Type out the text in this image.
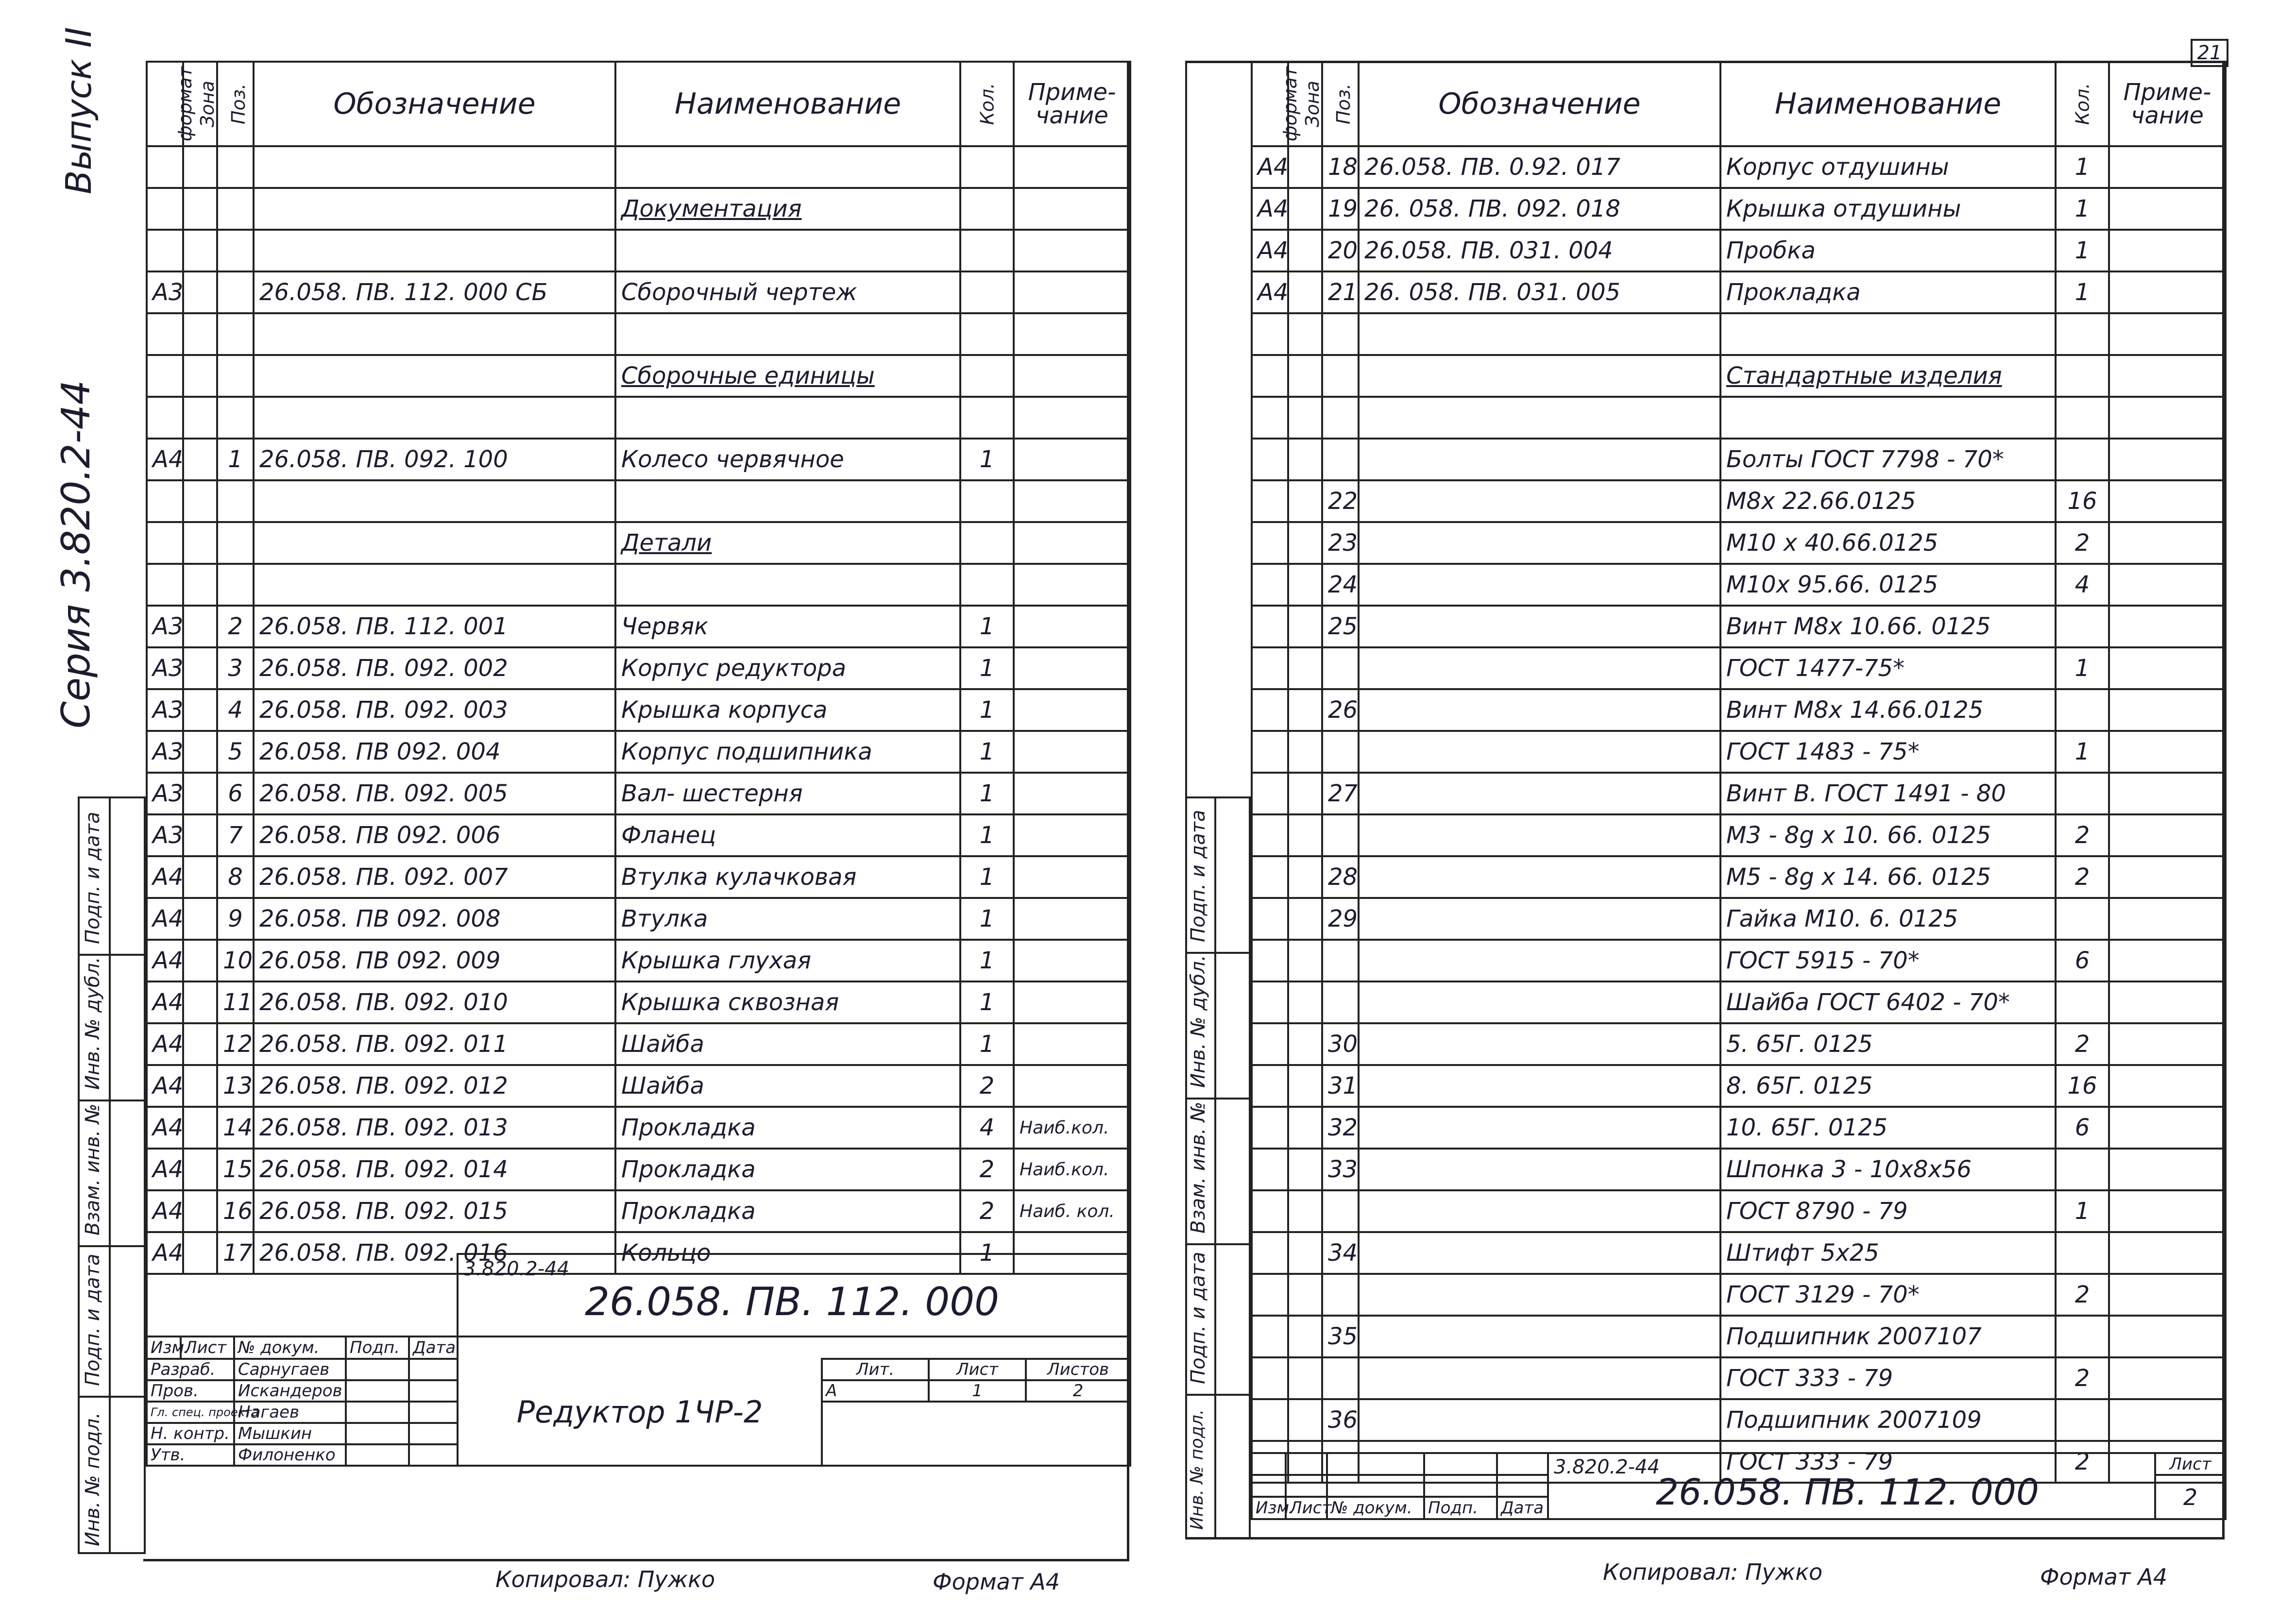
Выпуск II
Серия 3.820.2-44
Подп. и дата
Инв. № дубл.
Взам. инв. №
Подп. и дата
Инв. № подл.
формат	Зона	Поз.	Обозначение	Наименование	Кол.	Приме-
чание

				Документация		

А3			26.058. ПВ. 112. 000 СБ	Сборочный чертеж		

				Сборочные единицы		

А4		1	26.058. ПВ. 092. 100	Колесо червячное	1	

				Детали		

А3		2	26.058. ПВ. 112. 001	Червяк	1	
А3		3	26.058. ПВ. 092. 002	Корпус редуктора	1	
А3		4	26.058. ПВ. 092. 003	Крышка корпуса	1	
А3		5	26.058. ПВ 092. 004	Корпус подшипника	1	
А3		6	26.058. ПВ. 092. 005	Вал- шестерня	1	
А3		7	26.058. ПВ 092. 006	Фланец	1	
А4		8	26.058. ПВ. 092. 007	Втулка кулачковая	1	
А4		9	26.058. ПВ 092. 008	Втулка	1	
А4		10	26.058. ПВ 092. 009	Крышка глухая	1	
А4		11	26.058. ПВ. 092. 010	Крышка сквозная	1	
А4		12	26.058. ПВ. 092. 011	Шайба	1	
А4		13	26.058. ПВ. 092. 012	Шайба	2	
А4		14	26.058. ПВ. 092. 013	Прокладка	4	Наиб.кол.
А4		15	26.058. ПВ. 092. 014	Прокладка	2	Наиб.кол.
А4		16	26.058. ПВ. 092. 015	Прокладка	2	Наиб. кол.
А4		17	26.058. ПВ. 092. 016	Кольцо	1	

					3.820.2-44
26.058. ПВ. 112. 000			

Изм.	Лист	№ докум.	Подп.	Дата				
Разраб.		Сарнугаев			Редуктор 1ЧР-2	Лит.	Лист	Листов
Пров.		Искандеров				А	1	2
Гл. спец. проекта		Нагаев						
Н. контр.		Мышкин						
Утв.		Филоненко						
Копировал: Пужко	Формат А4
21
Подп. и дата
Инв. № дубл.
Взам. инв. №
Подп. и дата
Инв. № подл.
формат	Зона	Поз.	Обозначение	Наименование	Кол.	Приме-
чание
А4		18	26.058. ПВ. 0.92. 017	Корпус отдушины	1	
А4		19	26. 058. ПВ. 092. 018	Крышка отдушины	1	
А4		20	26.058. ПВ. 031. 004	Пробка	1	
А4		21	26. 058. ПВ. 031. 005	Прокладка	1	

				Стандартные изделия		

				Болты ГОСТ 7798 - 70*		
		22		М8х 22.66.0125	16	
		23		М10 х 40.66.0125	2	
		24		М10х 95.66. 0125	4	
		25		Винт М8х 10.66. 0125		
				ГОСТ 1477-75*	1	
		26		Винт М8х 14.66.0125		
				ГОСТ 1483 - 75*	1	
		27		Винт В. ГОСТ 1491 - 80		
				М3 - 8g х 10. 66. 0125	2	
		28		М5 - 8g х 14. 66. 0125	2	
		29		Гайка М10. 6. 0125		
				ГОСТ 5915 - 70*	6	
				Шайба ГОСТ 6402 - 70*		
		30		5. 65Г. 0125	2	
		31		8. 65Г. 0125	16	
		32		10. 65Г. 0125	6	
		33		Шпонка 3 - 10х8х56		
				ГОСТ 8790 - 79	1	
		34		Штифт 5х25		
				ГОСТ 3129 - 70*	2	
		35		Подшипник 2007107		
				ГОСТ 333 - 79	2	
		36		Подшипник 2007109		
				ГОСТ 333 - 79	2	

					3.820.2-44
26.058. ПВ. 112. 000	Лист
						2
Изм.	Лист	№ докум.	Подп.	Дата		
Копировал: Пужко	Формат А4
